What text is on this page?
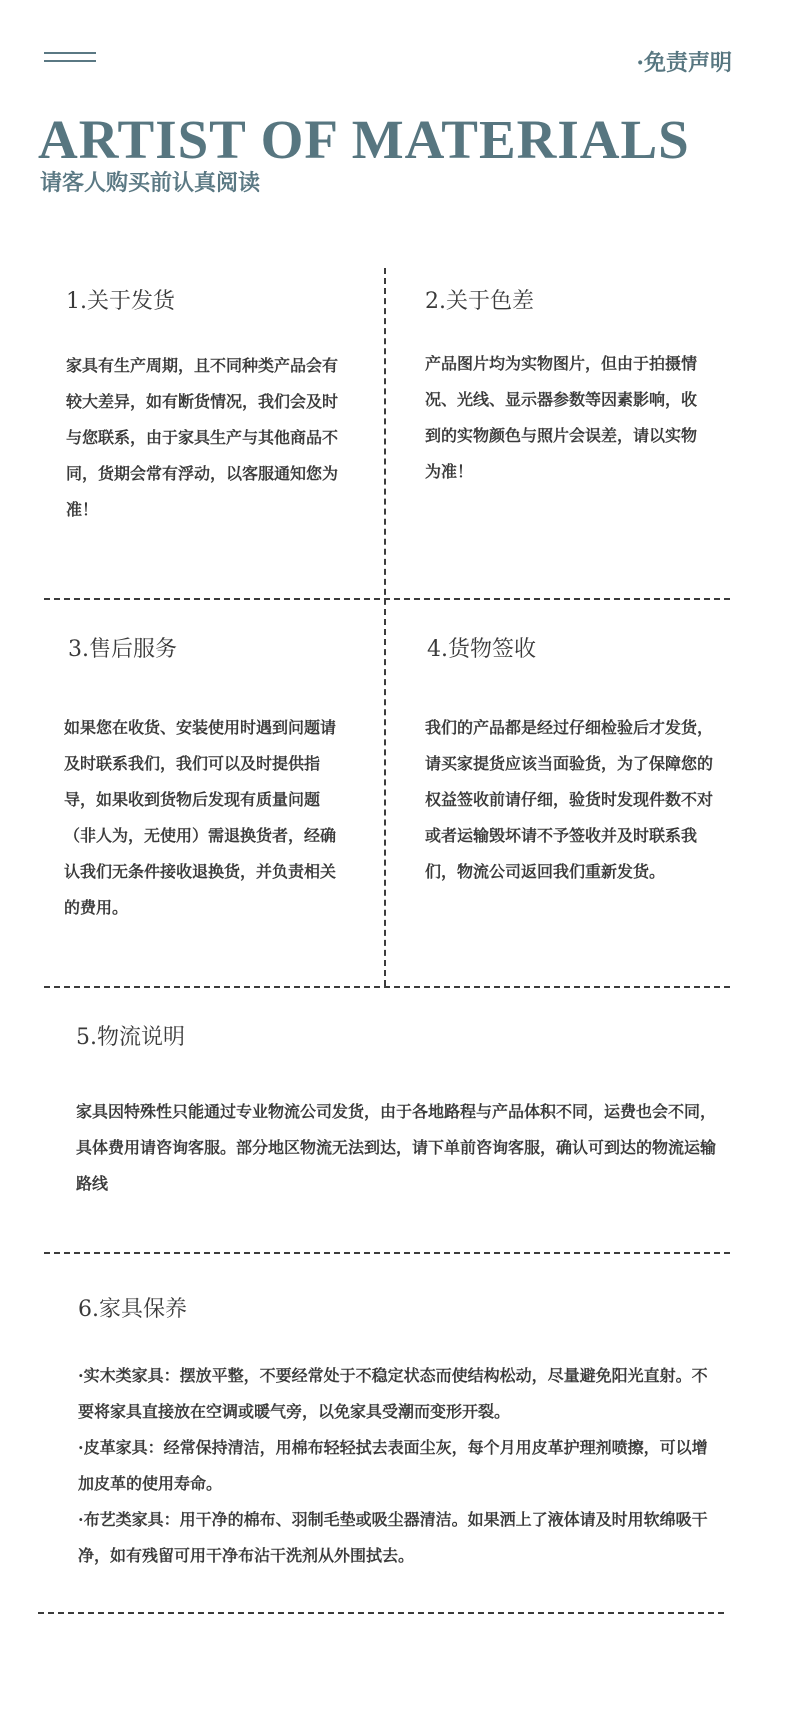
·免责声明
ARTIST OF MATERIALS
请客人购买前认真阅读
1.关于发货
家具有生产周期，且不同种类产品会有较大差异，如有断货情况，我们会及时与您联系，由于家具生产与其他商品不同，货期会常有浮动，以客服通知您为准！
2.关于色差
产品图片均为实物图片，但由于拍摄情况、光线、显示器参数等因素影响，收到的实物颜色与照片会误差，请以实物为准！
3.售后服务
如果您在收货、安装使用时遇到问题请及时联系我们，我们可以及时提供指导，如果收到货物后发现有质量问题（非人为，无使用）需退换货者，经确认我们无条件接收退换货，并负责相关的费用。
4.货物签收
我们的产品都是经过仔细检验后才发货，请买家提货应该当面验货，为了保障您的权益签收前请仔细，验货时发现件数不对或者运输毁坏请不予签收并及时联系我们，物流公司返回我们重新发货。
5.物流说明
家具因特殊性只能通过专业物流公司发货，由于各地路程与产品体积不同，运费也会不同，具体费用请咨询客服。部分地区物流无法到达，请下单前咨询客服，确认可到达的物流运输路线
6.家具保养

·实木类家具：摆放平整，不要经常处于不稳定状态而使结构松动，尽量避免阳光直射。不要将家具直接放在空调或暖气旁，以免家具受潮而变形开裂。

·皮革家具：经常保持清洁，用棉布轻轻拭去表面尘灰，每个月用皮革护理剂喷擦，可以增加皮革的使用寿命。

·布艺类家具：用干净的棉布、羽制毛垫或吸尘器清洁。如果洒上了液体请及时用软绵吸干净，如有残留可用干净布沾干洗剂从外围拭去。
